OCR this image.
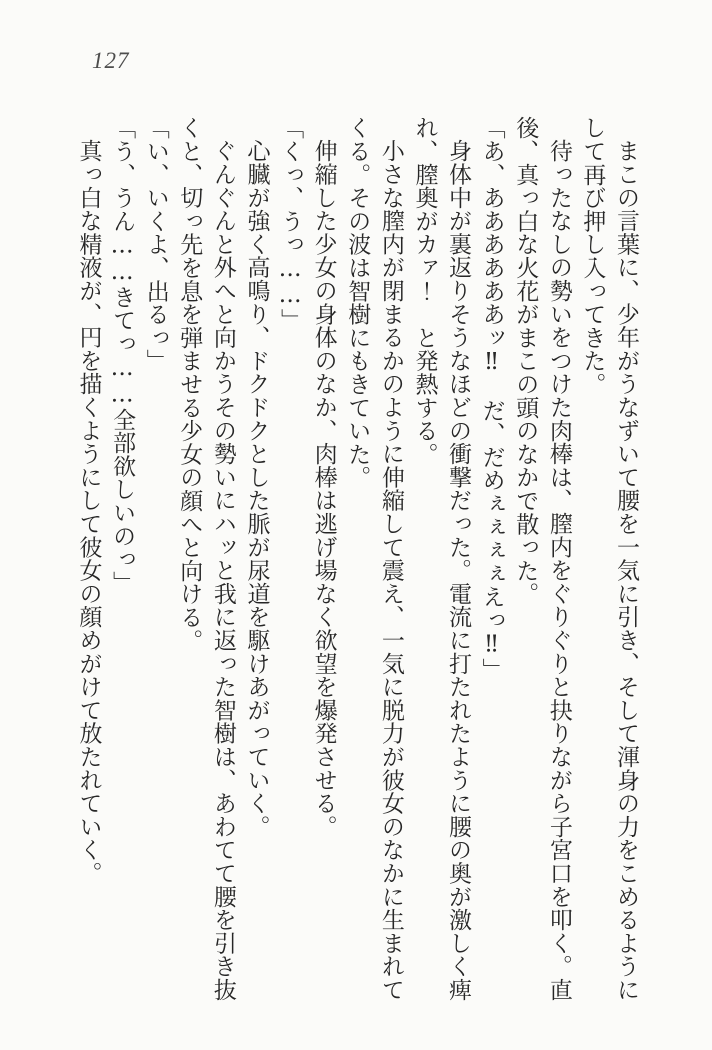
127

まこの言葉に、少年がうなずいて腰を一気に引き、そして渾身の力をこめるようにして再び押し入ってきた。

待ったなしの勢いをつけた肉棒は、膣内をぐりぐりと抉りながら子宮口を叩く。直後、真っ白な火花がまこの頭のなかで散った。

「あ、ああああああッ‼　だ、だめぇぇぇぇえっ‼」

身体中が裏返りそうなほどの衝撃だった。電流に打たれたように腰の奥が激しく痺れ、膣奥がカァ！　と発熱する。

小さな膣内が閉まるかのように伸縮して震え、一気に脱力が彼女のなかに生まれてくる。その波は智樹にもきていた。

伸縮した少女の身体のなか、肉棒は逃げ場なく欲望を爆発させる。

「くっ、うっ……」

心臓が強く高鳴り、ドクドクとした脈が尿道を駆けあがっていく。

ぐんぐんと外へと向かうその勢いにハッと我に返った智樹は、あわてて腰を引き抜くと、切っ先を息を弾ませる少女の顔へと向ける。

「い、いくよ、出るっ」

「う、うん……きてっ……全部欲しいのっ」

真っ白な精液が、円を描くようにして彼女の顔めがけて放たれていく。
